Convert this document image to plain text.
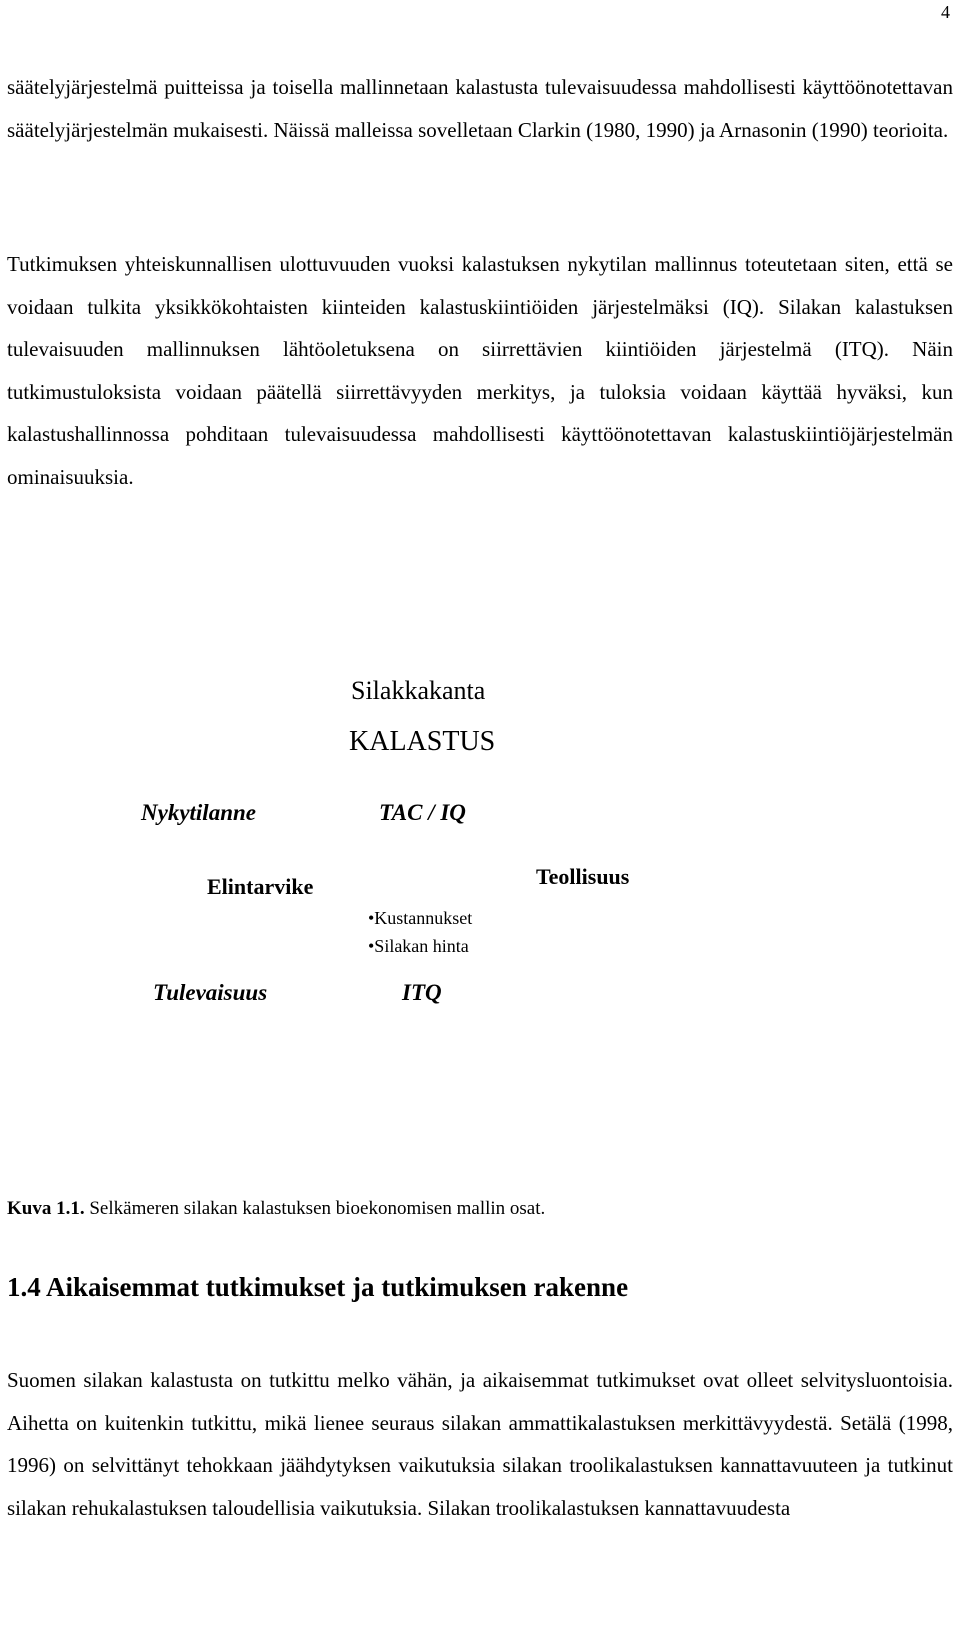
4

säätelyjärjestelmä puitteissa ja toisella mallinnetaan kalastusta tulevaisuudessa mahdollisesti käyttöönotettavan säätelyjärjestelmän mukaisesti. Näissä malleissa sovelletaan Clarkin (1980, 1990) ja Arnasonin (1990) teorioita.

Tutkimuksen yhteiskunnallisen ulottuvuuden vuoksi kalastuksen nykytilan mallinnus toteutetaan siten, että se voidaan tulkita yksikkökohtaisten kiinteiden kalastuskiintiöiden järjestelmäksi (IQ). Silakan kalastuksen tulevaisuuden mallinnuksen lähtöoletuksena on siirrettävien kiintiöiden järjestelmä (ITQ). Näin tutkimustuloksista voidaan päätellä siirrettävyyden merkitys, ja tuloksia voidaan käyttää hyväksi, kun kalastushallinnossa pohditaan tulevaisuudessa mahdollisesti käyttöönotettavan kalastuskiintiöjärjestelmän ominaisuuksia.

Silakkakanta
KALASTUS
Nykytilanne	TAC / IQ
Elintarvike	Teollisuus
•Kustannukset
•Silakan hinta
Tulevaisuus	ITQ
Kuva 1.1. Selkämeren silakan kalastuksen bioekonomisen mallin osat.
1.4 Aikaisemmat tutkimukset ja tutkimuksen rakenne

Suomen silakan kalastusta on tutkittu melko vähän, ja aikaisemmat tutkimukset ovat olleet selvitysluontoisia. Aihetta on kuitenkin tutkittu, mikä lienee seuraus silakan ammattikalastuksen merkittävyydestä. Setälä (1998, 1996) on selvittänyt tehokkaan jäähdytyksen vaikutuksia silakan troolikalastuksen kannattavuuteen ja tutkinut silakan rehukalastuksen taloudellisia vaikutuksia. Silakan troolikalastuksen kannattavuudesta
